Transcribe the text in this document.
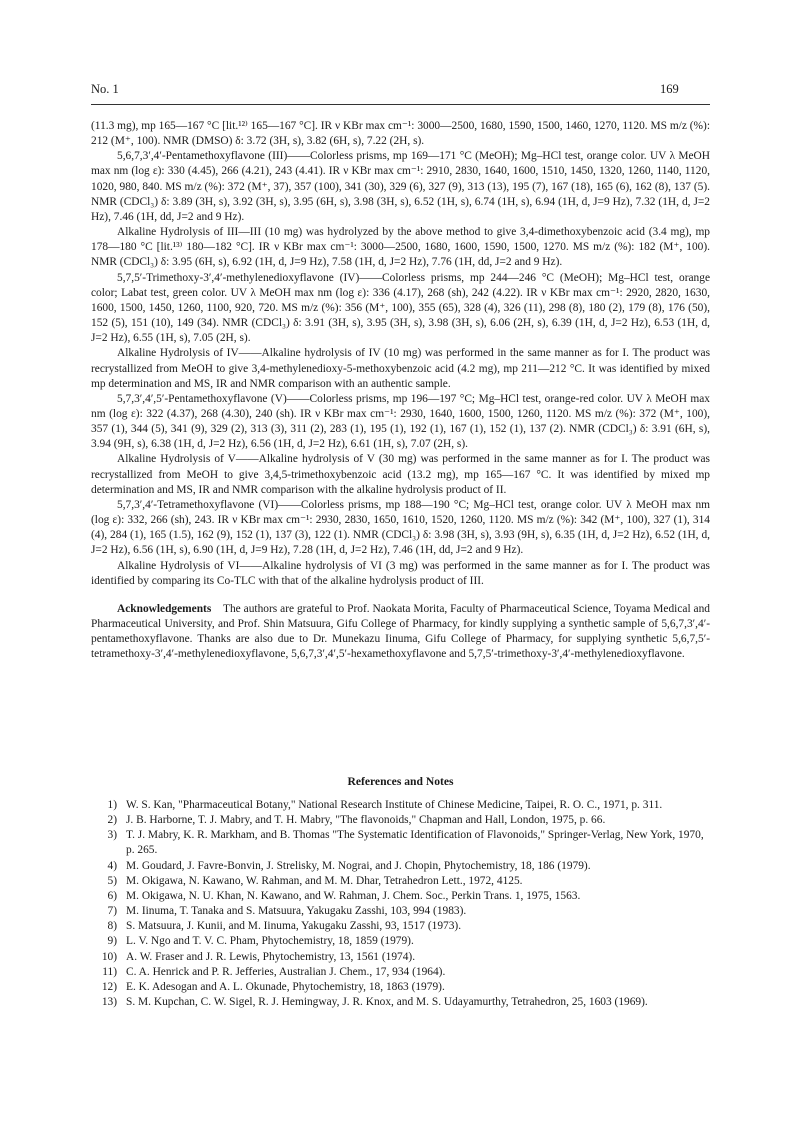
No. 1	169

(11.3 mg), mp 165—167 °C [lit.¹²⁾ 165—167 °C]. IR ν KBr max cm⁻¹: 3000—2500, 1680, 1590, 1500, 1460, 1270, 1120. MS m/z (%): 212 (M⁺, 100). NMR (DMSO) δ: 3.72 (3H, s), 3.82 (6H, s), 7.22 (2H, s).

5,6,7,3′,4′-Pentamethoxyflavone (III)——Colorless prisms, mp 169—171 °C (MeOH); Mg–HCl test, orange color. UV λ MeOH max nm (log ε): 330 (4.45), 266 (4.21), 243 (4.41). IR ν KBr max cm⁻¹: 2910, 2830, 1640, 1600, 1510, 1450, 1320, 1260, 1140, 1120, 1020, 980, 840. MS m/z (%): 372 (M⁺, 37), 357 (100), 341 (30), 329 (6), 327 (9), 313 (13), 195 (7), 167 (18), 165 (6), 162 (8), 137 (5). NMR (CDCl₃) δ: 3.89 (3H, s), 3.92 (3H, s), 3.95 (6H, s), 3.98 (3H, s), 6.52 (1H, s), 6.74 (1H, s), 6.94 (1H, d, J=9 Hz), 7.32 (1H, d, J=2 Hz), 7.46 (1H, dd, J=2 and 9 Hz).

Alkaline Hydrolysis of III—III (10 mg) was hydrolyzed by the above method to give 3,4-dimethoxybenzoic acid (3.4 mg), mp 178—180 °C [lit.¹³⁾ 180—182 °C]. IR ν KBr max cm⁻¹: 3000—2500, 1680, 1600, 1590, 1500, 1270. MS m/z (%): 182 (M⁺, 100). NMR (CDCl₃) δ: 3.95 (6H, s), 6.92 (1H, d, J=9 Hz), 7.58 (1H, d, J=2 Hz), 7.76 (1H, dd, J=2 and 9 Hz).

5,7,5′-Trimethoxy-3′,4′-methylenedioxyflavone (IV)——Colorless prisms, mp 244—246 °C (MeOH); Mg–HCl test, orange color; Labat test, green color. UV λ MeOH max nm (log ε): 336 (4.17), 268 (sh), 242 (4.22). IR ν KBr max cm⁻¹: 2920, 2820, 1630, 1600, 1500, 1450, 1260, 1100, 920, 720. MS m/z (%): 356 (M⁺, 100), 355 (65), 328 (4), 326 (11), 298 (8), 180 (2), 179 (8), 176 (50), 152 (5), 151 (10), 149 (34). NMR (CDCl₃) δ: 3.91 (3H, s), 3.95 (3H, s), 3.98 (3H, s), 6.06 (2H, s), 6.39 (1H, d, J=2 Hz), 6.53 (1H, d, J=2 Hz), 6.55 (1H, s), 7.05 (2H, s).

Alkaline Hydrolysis of IV——Alkaline hydrolysis of IV (10 mg) was performed in the same manner as for I. The product was recrystallized from MeOH to give 3,4-methylenedioxy-5-methoxybenzoic acid (4.2 mg), mp 211—212 °C. It was identified by mixed mp determination and MS, IR and NMR comparison with an authentic sample.

5,7,3′,4′,5′-Pentamethoxyflavone (V)——Colorless prisms, mp 196—197 °C; Mg–HCl test, orange-red color. UV λ MeOH max nm (log ε): 322 (4.37), 268 (4.30), 240 (sh). IR ν KBr max cm⁻¹: 2930, 1640, 1600, 1500, 1260, 1120. MS m/z (%): 372 (M⁺, 100), 357 (1), 344 (5), 341 (9), 329 (2), 313 (3), 311 (2), 283 (1), 195 (1), 192 (1), 167 (1), 152 (1), 137 (2). NMR (CDCl₃) δ: 3.91 (6H, s), 3.94 (9H, s), 6.38 (1H, d, J=2 Hz), 6.56 (1H, d, J=2 Hz), 6.61 (1H, s), 7.07 (2H, s).

Alkaline Hydrolysis of V——Alkaline hydrolysis of V (30 mg) was performed in the same manner as for I. The product was recrystallized from MeOH to give 3,4,5-trimethoxybenzoic acid (13.2 mg), mp 165—167 °C. It was identified by mixed mp determination and MS, IR and NMR comparison with the alkaline hydrolysis product of II.

5,7,3′,4′-Tetramethoxyflavone (VI)——Colorless prisms, mp 188—190 °C; Mg–HCl test, orange color. UV λ MeOH max nm (log ε): 332, 266 (sh), 243. IR ν KBr max cm⁻¹: 2930, 2830, 1650, 1610, 1520, 1260, 1120. MS m/z (%): 342 (M⁺, 100), 327 (1), 314 (4), 284 (1), 165 (1.5), 162 (9), 152 (1), 137 (3), 122 (1). NMR (CDCl₃) δ: 3.98 (3H, s), 3.93 (9H, s), 6.35 (1H, d, J=2 Hz), 6.52 (1H, d, J=2 Hz), 6.56 (1H, s), 6.90 (1H, d, J=9 Hz), 7.28 (1H, d, J=2 Hz), 7.46 (1H, dd, J=2 and 9 Hz).

Alkaline Hydrolysis of VI——Alkaline hydrolysis of VI (3 mg) was performed in the same manner as for I. The product was identified by comparing its Co-TLC with that of the alkaline hydrolysis product of III.

Acknowledgements The authors are grateful to Prof. Naokata Morita, Faculty of Pharmaceutical Science, Toyama Medical and Pharmaceutical University, and Prof. Shin Matsuura, Gifu College of Pharmacy, for kindly supplying a synthetic sample of 5,6,7,3′,4′-pentamethoxyflavone. Thanks are also due to Dr. Munekazu Iinuma, Gifu College of Pharmacy, for supplying synthetic 5,6,7,5′-tetramethoxy-3′,4′-methylenedioxyflavone, 5,6,7,3′,4′,5′-hexamethoxyflavone and 5,7,5′-trimethoxy-3′,4′-methylenedioxyflavone.

References and Notes
1) W. S. Kan, "Pharmaceutical Botany," National Research Institute of Chinese Medicine, Taipei, R. O. C., 1971, p. 311.
2) J. B. Harborne, T. J. Mabry, and T. H. Mabry, "The flavonoids," Chapman and Hall, London, 1975, p. 66.
3) T. J. Mabry, K. R. Markham, and B. Thomas "The Systematic Identification of Flavonoids," Springer-Verlag, New York, 1970, p. 265.
4) M. Goudard, J. Favre-Bonvin, J. Strelisky, M. Nograi, and J. Chopin, Phytochemistry, 18, 186 (1979).
5) M. Okigawa, N. Kawano, W. Rahman, and M. M. Dhar, Tetrahedron Lett., 1972, 4125.
6) M. Okigawa, N. U. Khan, N. Kawano, and W. Rahman, J. Chem. Soc., Perkin Trans. 1, 1975, 1563.
7) M. Iinuma, T. Tanaka and S. Matsuura, Yakugaku Zasshi, 103, 994 (1983).
8) S. Matsuura, J. Kunii, and M. Iinuma, Yakugaku Zasshi, 93, 1517 (1973).
9) L. V. Ngo and T. V. C. Pham, Phytochemistry, 18, 1859 (1979).
10) A. W. Fraser and J. R. Lewis, Phytochemistry, 13, 1561 (1974).
11) C. A. Henrick and P. R. Jefferies, Australian J. Chem., 17, 934 (1964).
12) E. K. Adesogan and A. L. Okunade, Phytochemistry, 18, 1863 (1979).
13) S. M. Kupchan, C. W. Sigel, R. J. Hemingway, J. R. Knox, and M. S. Udayamurthy, Tetrahedron, 25, 1603 (1969).
